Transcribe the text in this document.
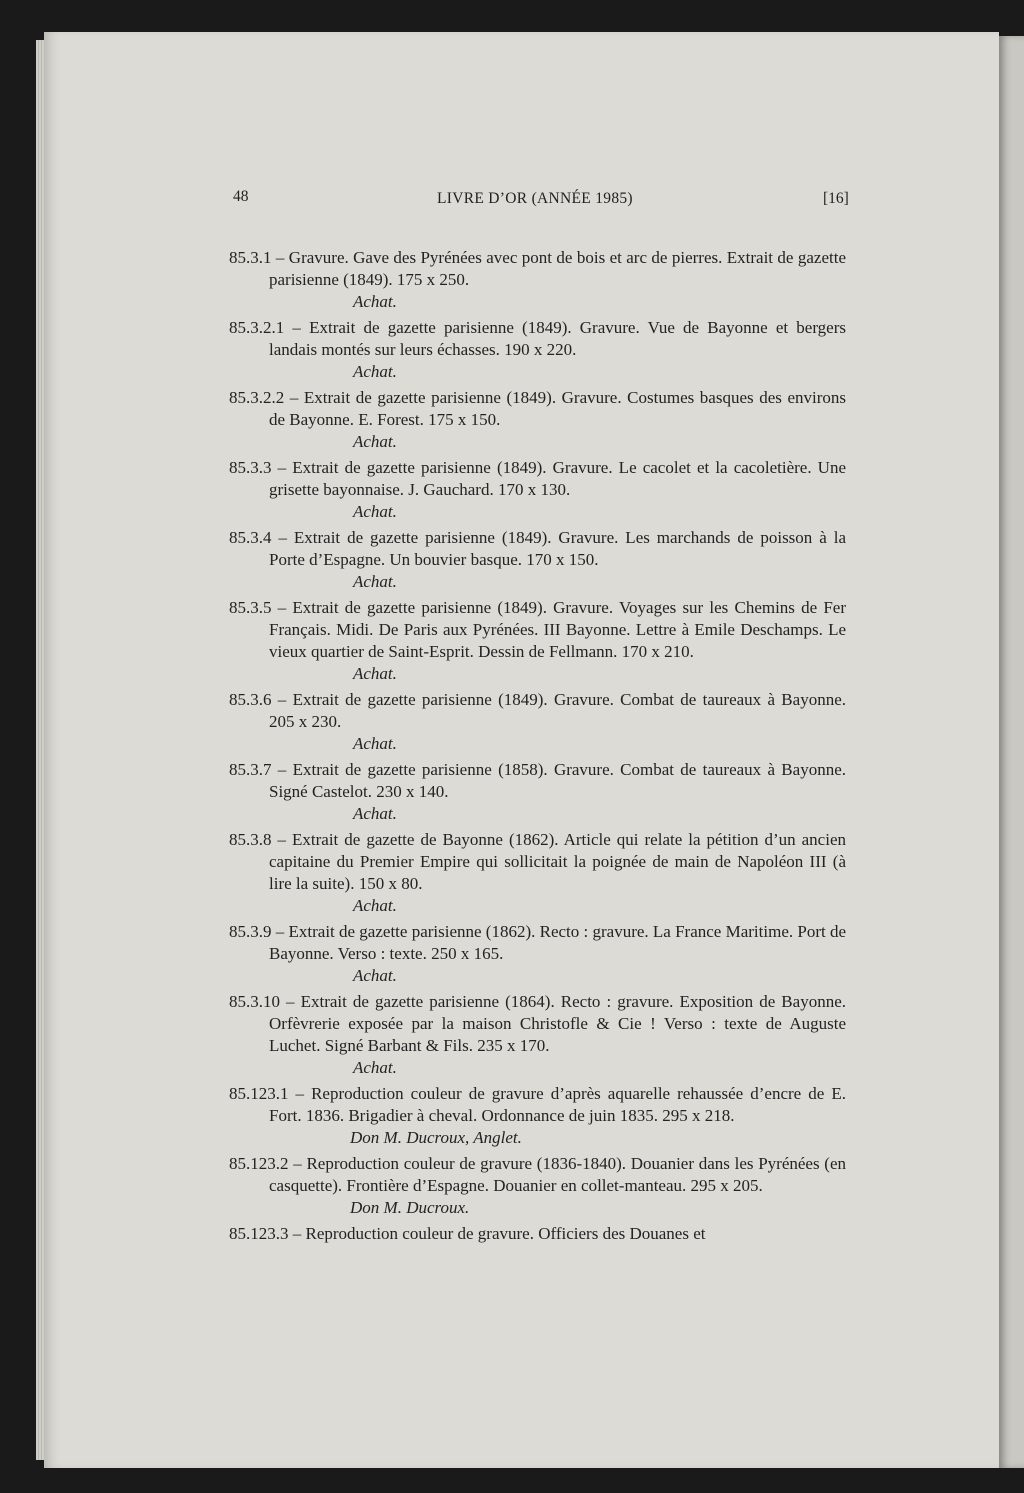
48	LIVRE D’OR (ANNÉE 1985)	[16]

85.3.1 – Gravure. Gave des Pyrénées avec pont de bois et arc de pierres. Extrait de gazette parisienne (1849). 175 x 250.

Achat.

85.3.2.1 – Extrait de gazette parisienne (1849). Gravure. Vue de Bayonne et bergers landais montés sur leurs échasses. 190 x 220.

Achat.

85.3.2.2 – Extrait de gazette parisienne (1849). Gravure. Costumes basques des environs de Bayonne. E. Forest. 175 x 150.

Achat.

85.3.3 – Extrait de gazette parisienne (1849). Gravure. Le cacolet et la cacoletière. Une grisette bayonnaise. J. Gauchard. 170 x 130.

Achat.

85.3.4 – Extrait de gazette parisienne (1849). Gravure. Les marchands de poisson à la Porte d’Espagne. Un bouvier basque. 170 x 150.

Achat.

85.3.5 – Extrait de gazette parisienne (1849). Gravure. Voyages sur les Chemins de Fer Français. Midi. De Paris aux Pyrénées. III Bayonne. Lettre à Emile Deschamps. Le vieux quartier de Saint-Esprit. Dessin de Fellmann. 170 x 210.

Achat.

85.3.6 – Extrait de gazette parisienne (1849). Gravure. Combat de taureaux à Bayonne. 205 x 230.

Achat.

85.3.7 – Extrait de gazette parisienne (1858). Gravure. Combat de taureaux à Bayonne. Signé Castelot. 230 x 140.

Achat.

85.3.8 – Extrait de gazette de Bayonne (1862). Article qui relate la pétition d’un ancien capitaine du Premier Empire qui sollicitait la poignée de main de Napoléon III (à lire la suite). 150 x 80.

Achat.

85.3.9 – Extrait de gazette parisienne (1862). Recto : gravure. La France Maritime. Port de Bayonne. Verso : texte. 250 x 165.

Achat.

85.3.10 – Extrait de gazette parisienne (1864). Recto : gravure. Exposition de Bayonne. Orfèvrerie exposée par la maison Christofle & Cie ! Verso : texte de Auguste Luchet. Signé Barbant & Fils. 235 x 170.

Achat.

85.123.1 – Reproduction couleur de gravure d’après aquarelle rehaussée d’encre de E. Fort. 1836. Brigadier à cheval. Ordonnance de juin 1835. 295 x 218.

Don M. Ducroux, Anglet.

85.123.2 – Reproduction couleur de gravure (1836-1840). Douanier dans les Pyrénées (en casquette). Frontière d’Espagne. Douanier en collet-manteau. 295 x 205.

Don M. Ducroux.

85.123.3 – Reproduction couleur de gravure. Officiers des Douanes et
